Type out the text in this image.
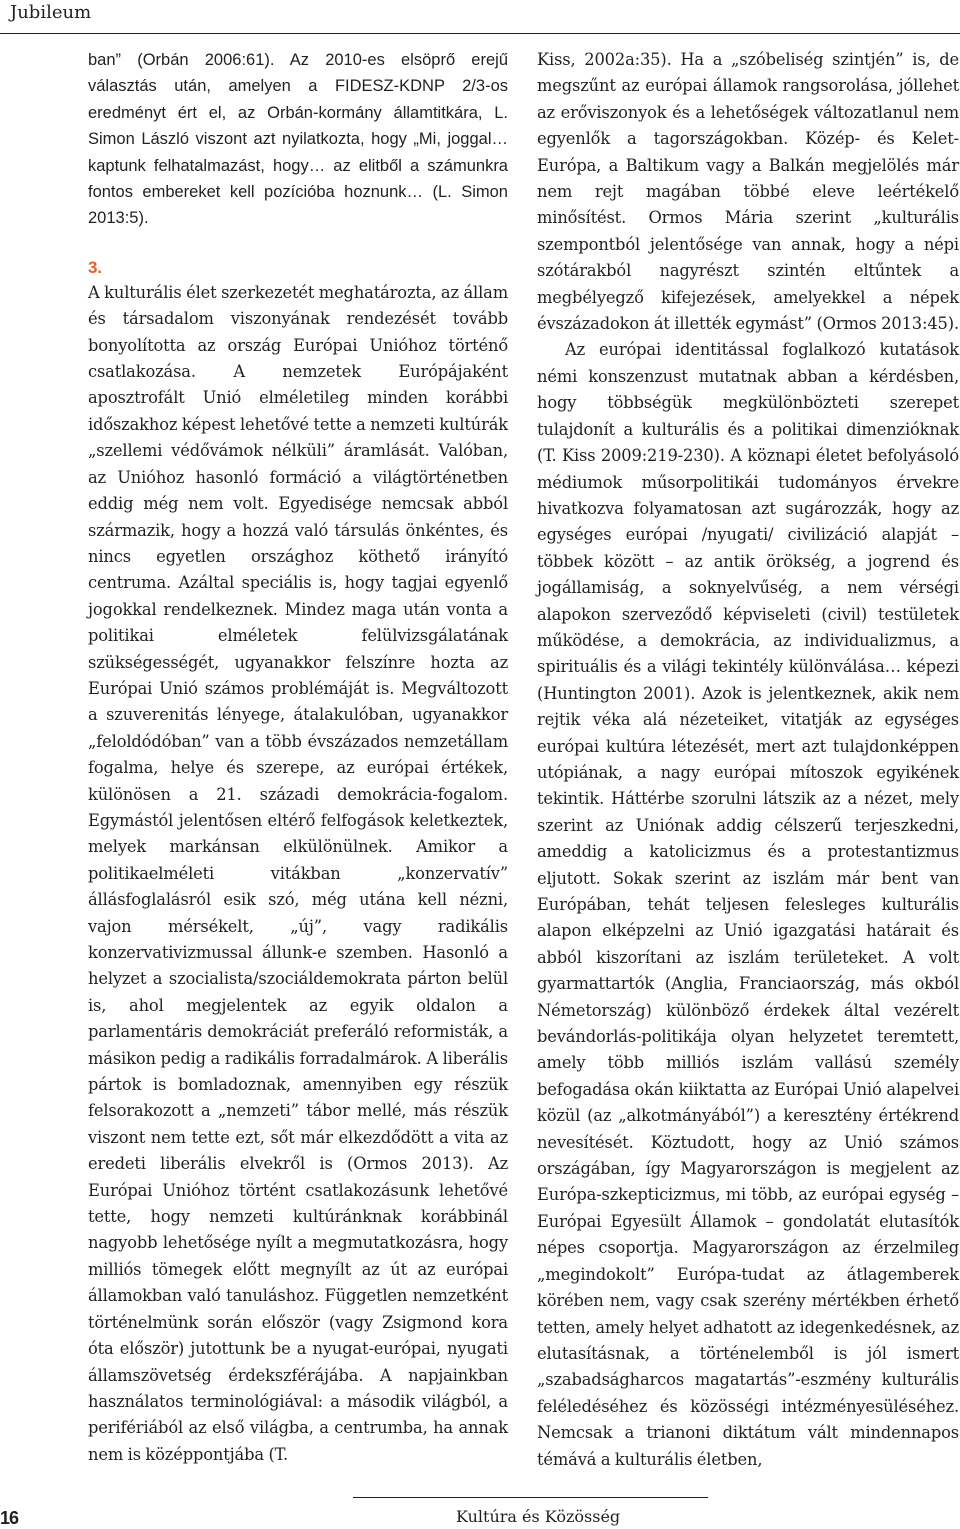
Jubileum

ban” (Orbán 2006:61). Az 2010-es elsöprő erejű választás után, amelyen a FIDESZ-KDNP 2/3-os eredményt ért el, az Orbán-kormány államtitkára, L. Simon László viszont azt nyilatkozta, hogy „Mi, joggal… kaptunk felhatalmazást, hogy… az elitből a számunkra fontos embereket kell pozícióba hoznunk… (L. Simon 2013:5).

3.

A kulturális élet szerkezetét meghatározta, az állam és társadalom viszonyának rendezését tovább bonyolította az ország Európai Unióhoz történő csatlakozása. A nemzetek Európájaként aposztrofált Unió elméletileg minden korábbi időszakhoz képest lehetővé tette a nemzeti kultúrák „szellemi védővámok nélküli” áramlását. Valóban, az Unióhoz hasonló formáció a világtörténetben eddig még nem volt. Egyedisége nemcsak abból származik, hogy a hozzá való társulás önkéntes, és nincs egyetlen országhoz köthető irányító centruma. Azáltal speciális is, hogy tagjai egyenlő jogokkal rendelkeznek. Mindez maga után vonta a politikai elméletek felülvizsgálatának szükségességét, ugyanakkor felszínre hozta az Európai Unió számos problémáját is. Megváltozott a szuverenitás lényege, átalakulóban, ugyanakkor „feloldódóban” van a több évszázados nemzetállam fogalma, helye és szerepe, az európai értékek, különösen a 21. századi demokrácia-fogalom. Egymástól jelentősen eltérő felfogások keletkeztek, melyek markánsan elkülönülnek. Amikor a politikaelméleti vitákban „konzervatív” állásfoglalásról esik szó, még utána kell nézni, vajon mérsékelt, „új”, vagy radikális konzervativizmussal állunk-e szemben. Hasonló a helyzet a szocialista/szociáldemokrata párton belül is, ahol megjelentek az egyik oldalon a parlamentáris demokráciát preferáló reformisták, a másikon pedig a radikális forradalmárok. A liberális pártok is bomladoznak, amennyiben egy részük felsorakozott a „nemzeti” tábor mellé, más részük viszont nem tette ezt, sőt már elkezdődött a vita az eredeti liberális elvekről is (Ormos 2013). Az Európai Unióhoz történt csatlakozásunk lehetővé tette, hogy nemzeti kultúránknak korábbinál nagyobb lehetősége nyílt a megmutatkozásra, hogy milliós tömegek előtt megnyílt az út az európai államokban való tanuláshoz. Független nemzetként történelmünk során először (vagy Zsigmond kora óta először) jutottunk be a nyugat-európai, nyugati államszövetség érdekszférájába. A napjainkban használatos terminológiával: a második világból, a perifériából az első világba, a centrumba, ha annak nem is középpontjába (T.

Kiss, 2002a:35). Ha a „szóbeliség szintjén” is, de megszűnt az európai államok rangsorolása, jóllehet az erőviszonyok és a lehetőségek változatlanul nem egyenlők a tagországokban. Közép- és Kelet-Európa, a Baltikum vagy a Balkán megjelölés már nem rejt magában többé eleve leértékelő minősítést. Ormos Mária szerint „kulturális szempontból jelentősége van annak, hogy a népi szótárakból nagyrészt szintén eltűntek a megbélyegző kifejezések, amelyekkel a népek évszázadokon át illették egymást” (Ormos 2013:45).

Az európai identitással foglalkozó kutatások némi konszenzust mutatnak abban a kérdésben, hogy többségük megkülönbözteti szerepet tulajdonít a kulturális és a politikai dimenzióknak (T. Kiss 2009:219-230). A köznapi életet befolyásoló médiumok műsorpolitikái tudományos érvekre hivatkozva folyamatosan azt sugározzák, hogy az egységes európai /nyugati/ civilizáció alapját – többek között – az antik örökség, a jogrend és jogállamiság, a soknyelvűség, a nem vérségi alapokon szerveződő képviseleti (civil) testületek működése, a demokrácia, az individualizmus, a spirituális és a világi tekintély különválása… képezi (Huntington 2001). Azok is jelentkeznek, akik nem rejtik véka alá nézeteiket, vitatják az egységes európai kultúra létezését, mert azt tulajdonképpen utópiának, a nagy európai mítoszok egyikének tekintik. Háttérbe szorulni látszik az a nézet, mely szerint az Uniónak addig célszerű terjeszkedni, ameddig a katolicizmus és a protestantizmus eljutott. Sokak szerint az iszlám már bent van Európában, tehát teljesen felesleges kulturális alapon elképzelni az Unió igazgatási határait és abból kiszorítani az iszlám területeket. A volt gyarmattartók (Anglia, Franciaország, más okból Németország) különböző érdekek által vezérelt bevándorlás-politikája olyan helyzetet teremtett, amely több milliós iszlám vallású személy befogadása okán kiiktatta az Európai Unió alapelvei közül (az „alkotmányából”) a keresztény értékrend nevesítését. Köztudott, hogy az Unió számos országában, így Magyarországon is megjelent az Európa-szkepticizmus, mi több, az európai egység – Európai Egyesült Államok – gondolatát elutasítók népes csoportja. Magyarországon az érzelmileg „megindokolt” Európa-tudat az átlagemberek körében nem, vagy csak szerény mértékben érhető tetten, amely helyet adhatott az idegenkedésnek, az elutasításnak, a történelemből is jól ismert „szabadságharcos magatartás”-eszmény kulturális feléledéséhez és közösségi intézményesüléséhez. Nemcsak a trianoni diktátum vált mindennapos témává a kulturális életben,

16	Kultúra és Közösség
